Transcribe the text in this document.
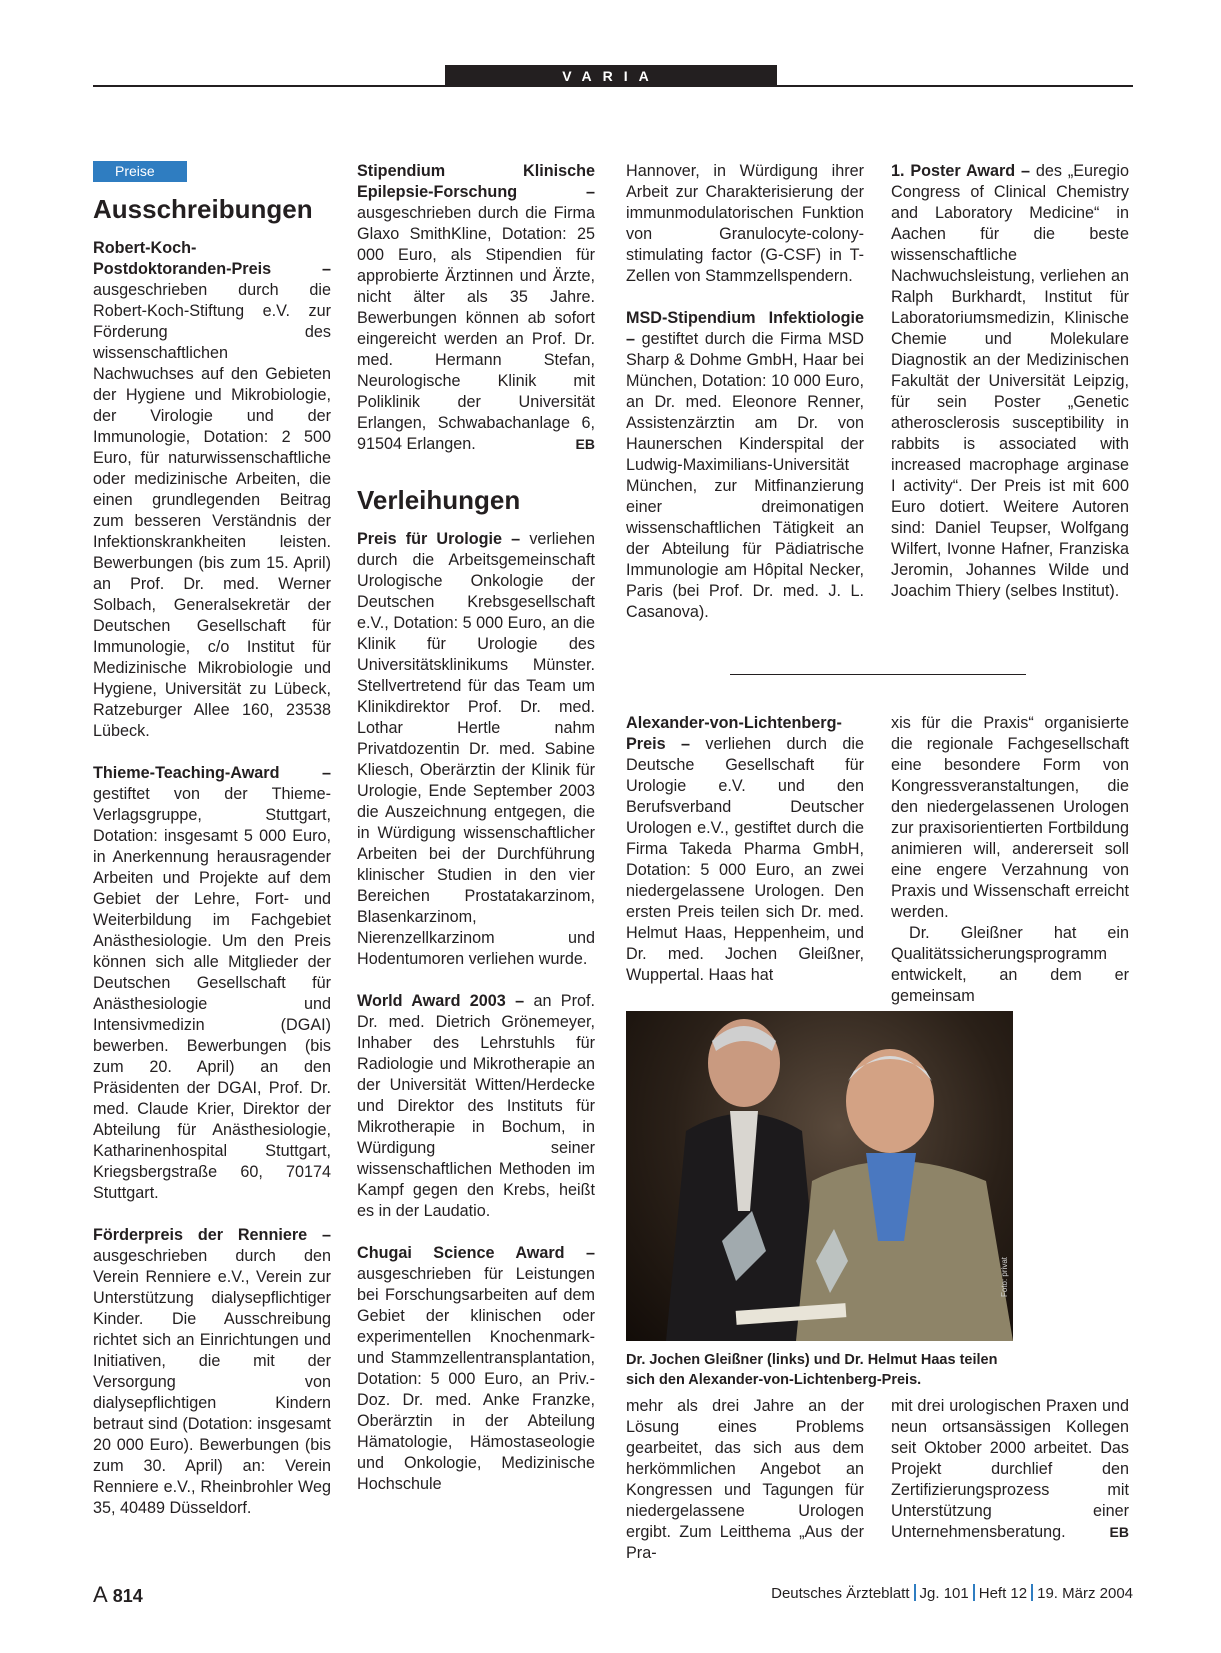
VARIA
Preise
Ausschreibungen

Robert-Koch-Postdoktoranden-Preis – ausgeschrieben durch die Robert-Koch-Stiftung e.V. zur Förderung des wissenschaftlichen Nachwuchses auf den Gebieten der Hygiene und Mikrobiologie, der Virologie und der Immunologie, Dotation: 2 500 Euro, für naturwissenschaftliche oder medizinische Arbeiten, die einen grundlegenden Beitrag zum besseren Verständnis der Infektionskrankheiten leisten. Bewerbungen (bis zum 15. April) an Prof. Dr. med. Werner Solbach, Generalsekretär der Deutschen Gesellschaft für Immunologie, c/o Institut für Medizinische Mikrobiologie und Hygiene, Universität zu Lübeck, Ratzeburger Allee 160, 23538 Lübeck.

Thieme-Teaching-Award – gestiftet von der Thieme-Verlagsgruppe, Stuttgart, Dotation: insgesamt 5 000 Euro, in Anerkennung herausragender Arbeiten und Projekte auf dem Gebiet der Lehre, Fort- und Weiterbildung im Fachgebiet Anästhesiologie. Um den Preis können sich alle Mitglieder der Deutschen Gesellschaft für Anästhesiologie und Intensivmedizin (DGAI) bewerben. Bewerbungen (bis zum 20. April) an den Präsidenten der DGAI, Prof. Dr. med. Claude Krier, Direktor der Abteilung für Anästhesiologie, Katharinenhospital Stuttgart, Kriegsbergstraße 60, 70174 Stuttgart.

Förderpreis der Renniere – ausgeschrieben durch den Verein Renniere e.V., Verein zur Unterstützung dialysepflichtiger Kinder. Die Ausschreibung richtet sich an Einrichtungen und Initiativen, die mit der Versorgung von dialysepflichtigen Kindern betraut sind (Dotation: insgesamt 20 000 Euro). Bewerbungen (bis zum 30. April) an: Verein Renniere e.V., Rheinbrohler Weg 35, 40489 Düsseldorf.

Stipendium Klinische Epilepsie-Forschung – ausgeschrieben durch die Firma Glaxo SmithKline, Dotation: 25 000 Euro, als Stipendien für approbierte Ärztinnen und Ärzte, nicht älter als 35 Jahre. Bewerbungen können ab sofort eingereicht werden an Prof. Dr. med. Hermann Stefan, Neurologische Klinik mit Poliklinik der Universität Erlangen, Schwabachanlage 6, 91504 Erlangen.	EB

Verleihungen

Preis für Urologie – verliehen durch die Arbeitsgemeinschaft Urologische Onkologie der Deutschen Krebsgesellschaft e.V., Dotation: 5 000 Euro, an die Klinik für Urologie des Universitätsklinikums Münster. Stellvertretend für das Team um Klinikdirektor Prof. Dr. med. Lothar Hertle nahm Privatdozentin Dr. med. Sabine Kliesch, Oberärztin der Klinik für Urologie, Ende September 2003 die Auszeichnung entgegen, die in Würdigung wissenschaftlicher Arbeiten bei der Durchführung klinischer Studien in den vier Bereichen Prostatakarzinom, Blasenkarzinom, Nierenzellkarzinom und Hodentumoren verliehen wurde.

World Award 2003 – an Prof. Dr. med. Dietrich Grönemeyer, Inhaber des Lehrstuhls für Radiologie und Mikrotherapie an der Universität Witten/Herdecke und Direktor des Instituts für Mikrotherapie in Bochum, in Würdigung seiner wissenschaftlichen Methoden im Kampf gegen den Krebs, heißt es in der Laudatio.

Chugai Science Award – ausgeschrieben für Leistungen bei Forschungsarbeiten auf dem Gebiet der klinischen oder experimentellen Knochenmark- und Stammzellentransplantation, Dotation: 5 000 Euro, an Priv.-Doz. Dr. med. Anke Franzke, Oberärztin in der Abteilung Hämatologie, Hämostaseologie und Onkologie, Medizinische Hochschule

Hannover, in Würdigung ihrer Arbeit zur Charakterisierung der immunmodulatorischen Funktion von Granulocyte-colony-stimulating factor (G-CSF) in T-Zellen von Stammzellspendern.

MSD-Stipendium Infektiologie – gestiftet durch die Firma MSD Sharp & Dohme GmbH, Haar bei München, Dotation: 10 000 Euro, an Dr. med. Eleonore Renner, Assistenzärztin am Dr. von Haunerschen Kinderspital der Ludwig-Maximilians-Universität München, zur Mitfinanzierung einer dreimonatigen wissenschaftlichen Tätigkeit an der Abteilung für Pädiatrische Immunologie am Hôpital Necker, Paris (bei Prof. Dr. med. J. L. Casanova).

1. Poster Award – des „Euregio Congress of Clinical Chemistry and Laboratory Medicine“ in Aachen für die beste wissenschaftliche Nachwuchsleistung, verliehen an Ralph Burkhardt, Institut für Laboratoriumsmedizin, Klinische Chemie und Molekulare Diagnostik an der Medizinischen Fakultät der Universität Leipzig, für sein Poster „Genetic atherosclerosis susceptibility in rabbits is associated with increased macrophage arginase I activity“. Der Preis ist mit 600 Euro dotiert. Weitere Autoren sind: Daniel Teupser, Wolfgang Wilfert, Ivonne Hafner, Franziska Jeromin, Johannes Wilde und Joachim Thiery (selbes Institut).

Alexander-von-Lichtenberg-Preis – verliehen durch die Deutsche Gesellschaft für Urologie e.V. und den Berufsverband Deutscher Urologen e.V., gestiftet durch die Firma Takeda Pharma GmbH, Dotation: 5 000 Euro, an zwei niedergelassene Urologen. Den ersten Preis teilen sich Dr. med. Helmut Haas, Heppenheim, und Dr. med. Jochen Gleißner, Wuppertal. Haas hat

xis für die Praxis“ organisierte die regionale Fachgesellschaft eine besondere Form von Kongressveranstaltungen, die den niedergelassenen Urologen zur praxisorientierten Fortbildung animieren will, andererseit soll eine engere Verzahnung von Praxis und Wissenschaft erreicht werden.

Dr. Gleißner hat ein Qualitätssicherungsprogramm entwickelt, an dem er gemeinsam

Foto: privat
Dr. Jochen Gleißner (links) und Dr. Helmut Haas teilen sich den Alexander-von-Lichtenberg-Preis.

mehr als drei Jahre an der Lösung eines Problems gearbeitet, das sich aus dem herkömmlichen Angebot an Kongressen und Tagungen für niedergelassene Urologen ergibt. Zum Leitthema „Aus der Pra-

mit drei urologischen Praxen und neun ortsansässigen Kollegen seit Oktober 2000 arbeitet. Das Projekt durchlief den Zertifizierungsprozess mit Unterstützung einer Unternehmensberatung.	EB

A 814	Deutsches Ärzteblatt Jg. 101 Heft 12 19. März 2004
